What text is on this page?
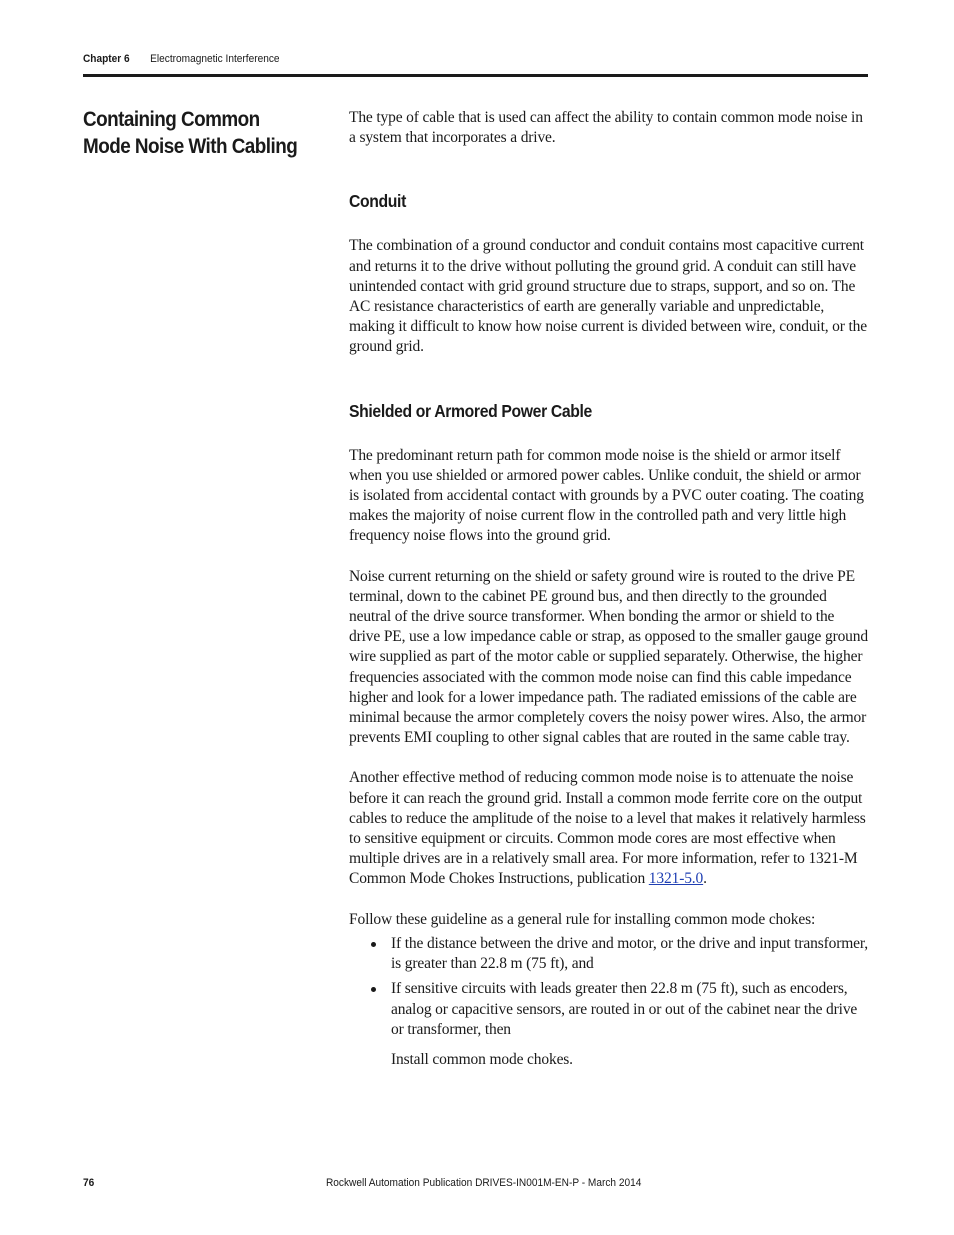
Chapter 6 Electromagnetic Interference
Containing Common Mode Noise With Cabling

The type of cable that is used can affect the ability to contain common mode noise in a system that incorporates a drive.

Conduit

The combination of a ground conductor and conduit contains most capacitive current and returns it to the drive without polluting the ground grid. A conduit can still have unintended contact with grid ground structure due to straps, support, and so on. The AC resistance characteristics of earth are generally variable and unpredictable, making it difficult to know how noise current is divided between wire, conduit, or the ground grid.

Shielded or Armored Power Cable

The predominant return path for common mode noise is the shield or armor itself when you use shielded or armored power cables. Unlike conduit, the shield or armor is isolated from accidental contact with grounds by a PVC outer coating. The coating makes the majority of noise current flow in the controlled path and very little high frequency noise flows into the ground grid.

Noise current returning on the shield or safety ground wire is routed to the drive PE terminal, down to the cabinet PE ground bus, and then directly to the grounded neutral of the drive source transformer. When bonding the armor or shield to the drive PE, use a low impedance cable or strap, as opposed to the smaller gauge ground wire supplied as part of the motor cable or supplied separately. Otherwise, the higher frequencies associated with the common mode noise can find this cable impedance higher and look for a lower impedance path. The radiated emissions of the cable are minimal because the armor completely covers the noisy power wires. Also, the armor prevents EMI coupling to other signal cables that are routed in the same cable tray.

Another effective method of reducing common mode noise is to attenuate the noise before it can reach the ground grid. Install a common mode ferrite core on the output cables to reduce the amplitude of the noise to a level that makes it relatively harmless to sensitive equipment or circuits. Common mode cores are most effective when multiple drives are in a relatively small area. For more information, refer to 1321-M Common Mode Chokes Instructions, publication 1321-5.0.

Follow these guideline as a general rule for installing common mode chokes:

If the distance between the drive and motor, or the drive and input transformer, is greater than 22.8 m (75 ft), and
If sensitive circuits with leads greater then 22.8 m (75 ft), such as encoders, analog or capacitive sensors, are routed in or out of the cabinet near the drive or transformer, then

Install common mode chokes.

76	Rockwell Automation Publication DRIVES-IN001M-EN-P - March 2014
